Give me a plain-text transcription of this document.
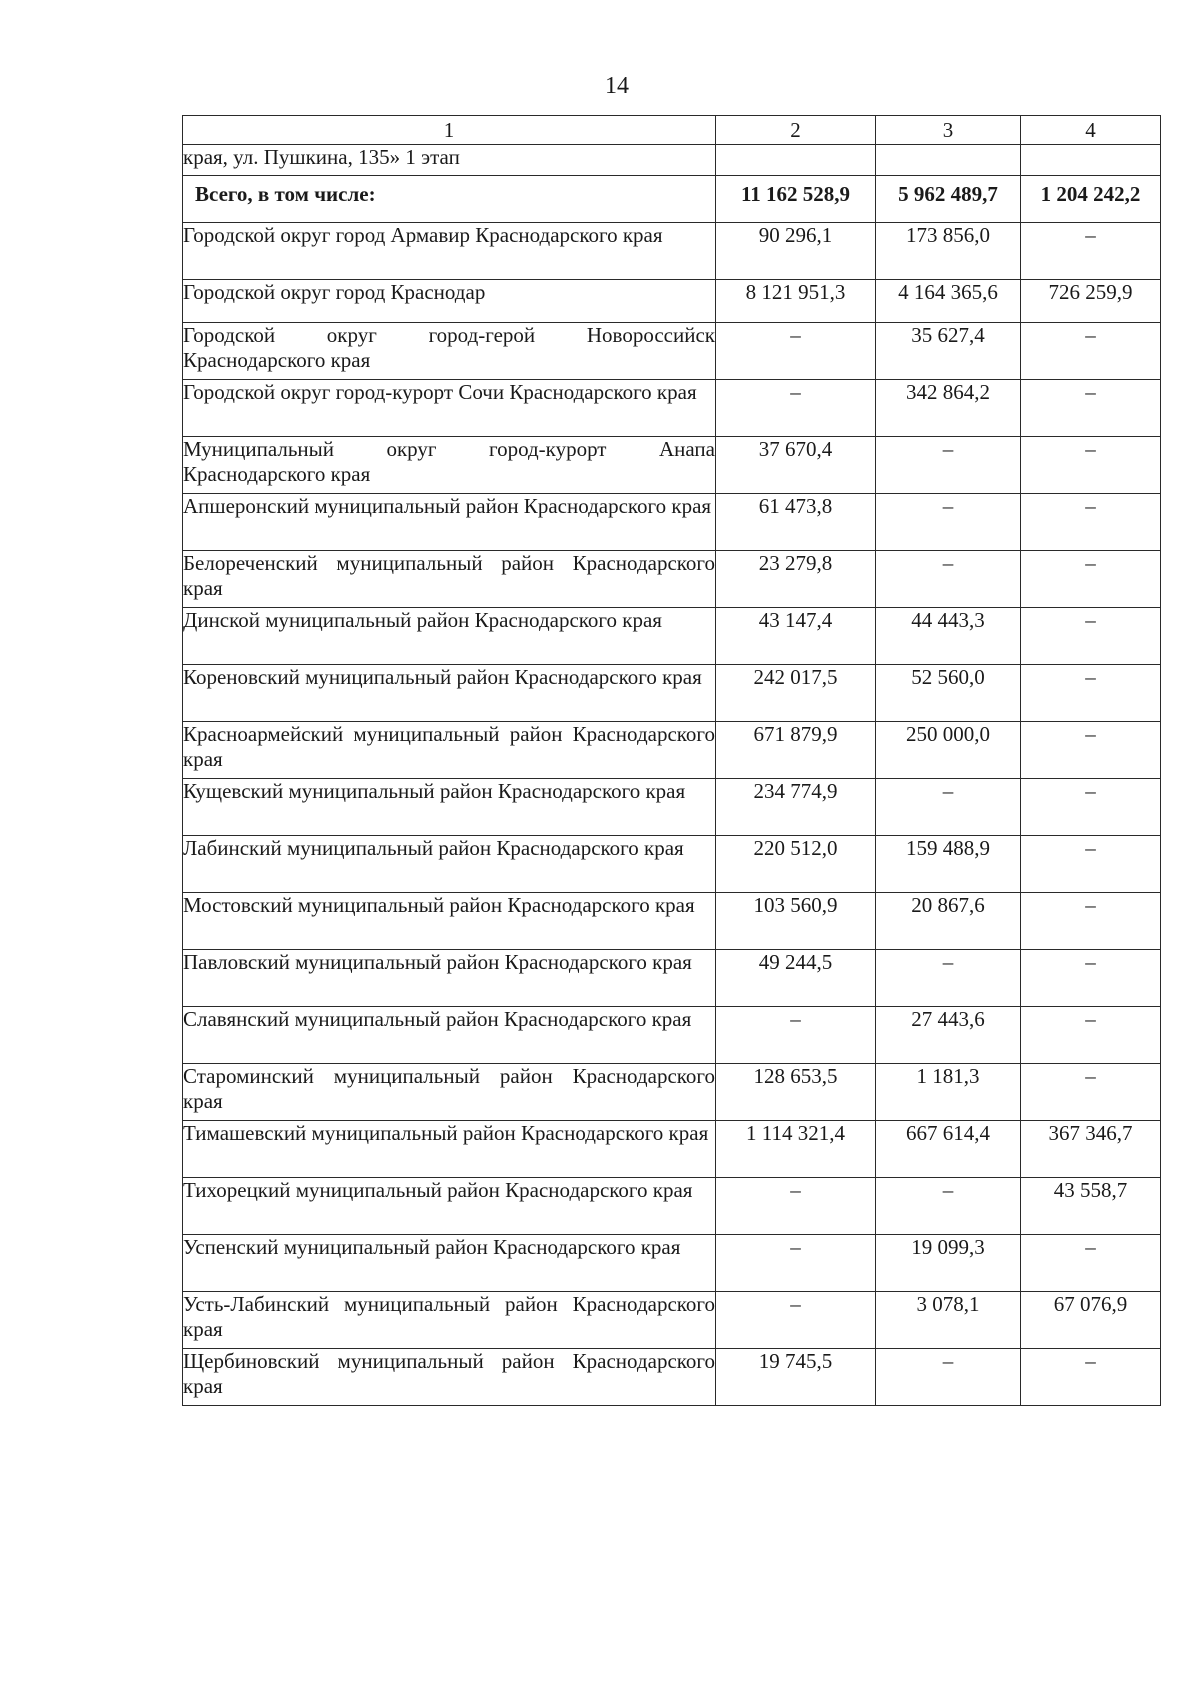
14
1	2	3	4
края, ул. Пушкина, 135» 1 этап			
Всего, в том числе:	11 162 528,9	5 962 489,7	1 204 242,2
Городской округ город Армавир Краснодарского края	90 296,1	173 856,0	–
Городской округ город Краснодар	8 121 951,3	4 164 365,6	726 259,9
Городской округ город-герой Новороссийск Краснодарского края	–	35 627,4	–
Городской округ город-курорт Сочи Краснодарского края	–	342 864,2	–
Муниципальный округ город-курорт Анапа Краснодарского края	37 670,4	–	–
Апшеронский муниципальный район Краснодарского края	61 473,8	–	–
Белореченский муниципальный район Краснодарского края	23 279,8	–	–
Динской муниципальный район Краснодарского края	43 147,4	44 443,3	–
Кореновский муниципальный район Краснодарского края	242 017,5	52 560,0	–
Красноармейский муниципальный район Краснодарского края	671 879,9	250 000,0	–
Кущевский муниципальный район Краснодарского края	234 774,9	–	–
Лабинский муниципальный район Краснодарского края	220 512,0	159 488,9	–
Мостовский муниципальный район Краснодарского края	103 560,9	20 867,6	–
Павловский муниципальный район Краснодарского края	49 244,5	–	–
Славянский муниципальный район Краснодарского края	–	27 443,6	–
Староминский муниципальный район Краснодарского края	128 653,5	1 181,3	–
Тимашевский муниципальный район Краснодарского края	1 114 321,4	667 614,4	367 346,7
Тихорецкий муниципальный район Краснодарского края	–	–	43 558,7
Успенский муниципальный район Краснодарского края	–	19 099,3	–
Усть-Лабинский муниципальный район Краснодарского края	–	3 078,1	67 076,9
Щербиновский муниципальный район Краснодарского края	19 745,5	–	–
